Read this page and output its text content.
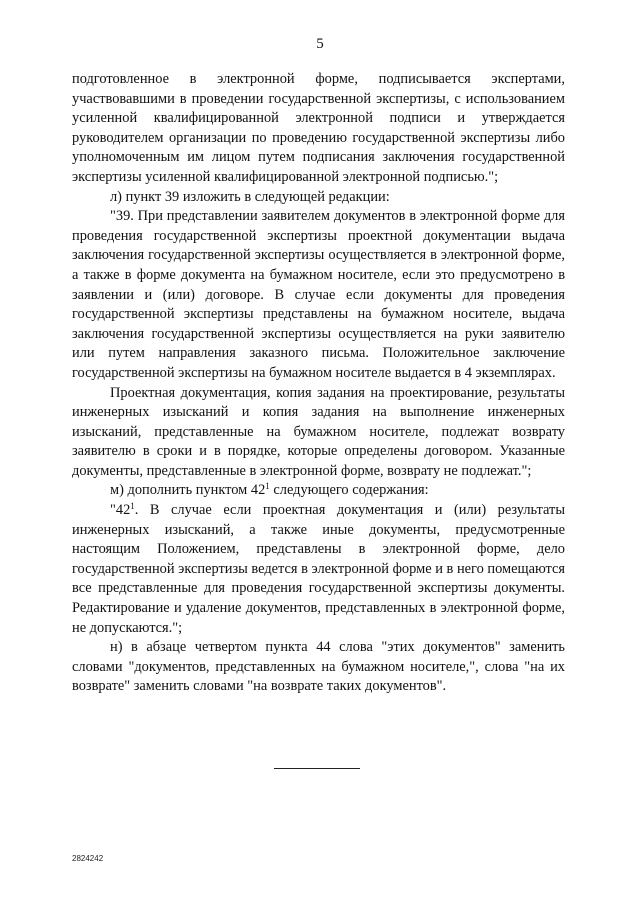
5

подготовленное в электронной форме, подписывается экспертами, участвовавшими в проведении государственной экспертизы, с использованием усиленной квалифицированной электронной подписи и утверждается руководителем организации по проведению государственной экспертизы либо уполномоченным им лицом путем подписания заключения государственной экспертизы усиленной квалифицированной электронной подписью.";

л) пункт 39 изложить в следующей редакции:

"39. При представлении заявителем документов в электронной форме для проведения государственной экспертизы проектной документации выдача заключения государственной экспертизы осуществляется в электронной форме, а также в форме документа на бумажном носителе, если это предусмотрено в заявлении и (или) договоре. В случае если документы для проведения государственной экспертизы представлены на бумажном носителе, выдача заключения государственной экспертизы осуществляется на руки заявителю или путем направления заказного письма. Положительное заключение государственной экспертизы на бумажном носителе выдается в 4 экземплярах.

Проектная документация, копия задания на проектирование, результаты инженерных изысканий и копия задания на выполнение инженерных изысканий, представленные на бумажном носителе, подлежат возврату заявителю в сроки и в порядке, которые определены договором. Указанные документы, представленные в электронной форме, возврату не подлежат.";

м) дополнить пунктом $42^1$ следующего содержания:

"$42^1$. В случае если проектная документация и (или) результаты инженерных изысканий, а также иные документы, предусмотренные настоящим Положением, представлены в электронной форме, дело государственной экспертизы ведется в электронной форме и в него помещаются все представленные для проведения государственной экспертизы документы. Редактирование и удаление документов, представленных в электронной форме, не допускаются.";

н) в абзаце четвертом пункта 44 слова "этих документов" заменить словами "документов, представленных на бумажном носителе,", слова "на их возврате" заменить словами "на возврате таких документов".

2824242
